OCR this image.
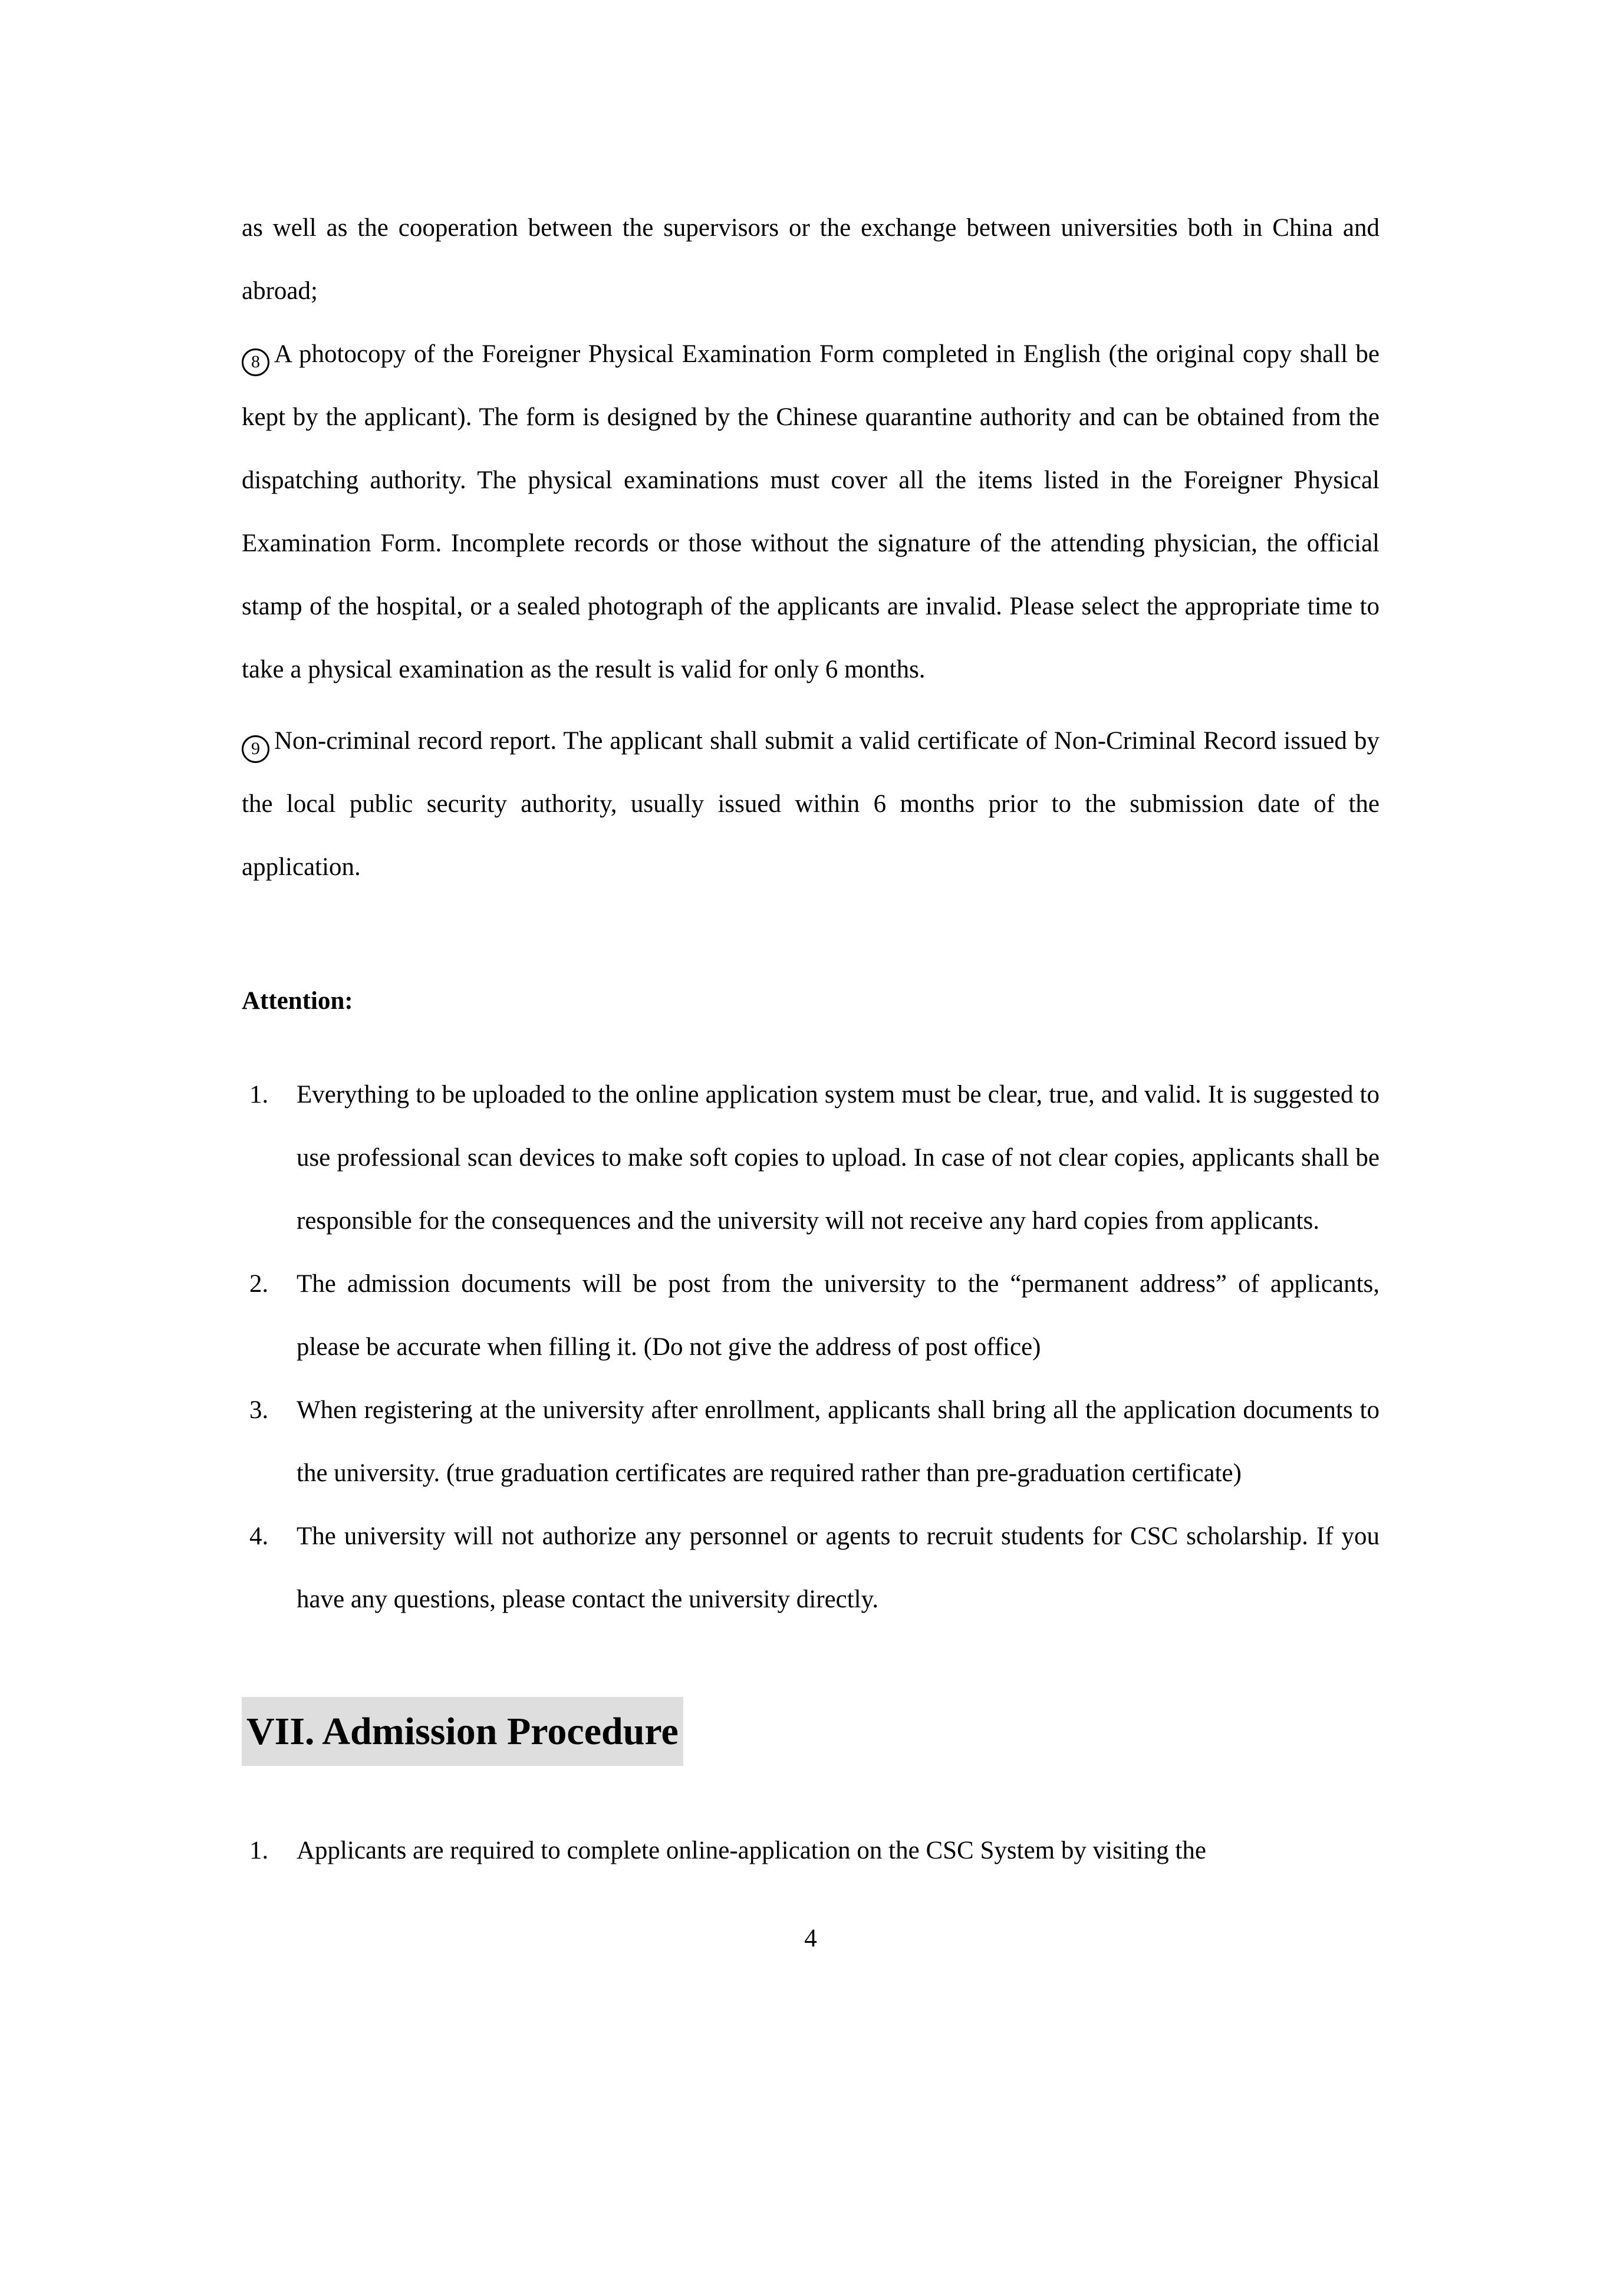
as well as the cooperation between the supervisors or the exchange between universities both in China and abroad;

8 A photocopy of the Foreigner Physical Examination Form completed in English (the original copy shall be kept by the applicant). The form is designed by the Chinese quarantine authority and can be obtained from the dispatching authority. The physical examinations must cover all the items listed in the Foreigner Physical Examination Form. Incomplete records or those without the signature of the attending physician, the official stamp of the hospital, or a sealed photograph of the applicants are invalid. Please select the appropriate time to take a physical examination as the result is valid for only 6 months.

9 Non-criminal record report. The applicant shall submit a valid certificate of Non-Criminal Record issued by the local public security authority, usually issued within 6 months prior to the submission date of the application.

Attention:

1.	Everything to be uploaded to the online application system must be clear, true, and valid. It is suggested to use professional scan devices to make soft copies to upload. In case of not clear copies, applicants shall be responsible for the consequences and the university will not receive any hard copies from applicants.
2.	The admission documents will be post from the university to the “permanent address” of applicants, please be accurate when filling it. (Do not give the address of post office)
3.	When registering at the university after enrollment, applicants shall bring all the application documents to the university. (true graduation certificates are required rather than pre-graduation certificate)
4.	The university will not authorize any personnel or agents to recruit students for CSC scholarship. If you have any questions, please contact the university directly.
VII. Admission Procedure
1.	Applicants are required to complete online-application on the CSC System by visiting the
4
